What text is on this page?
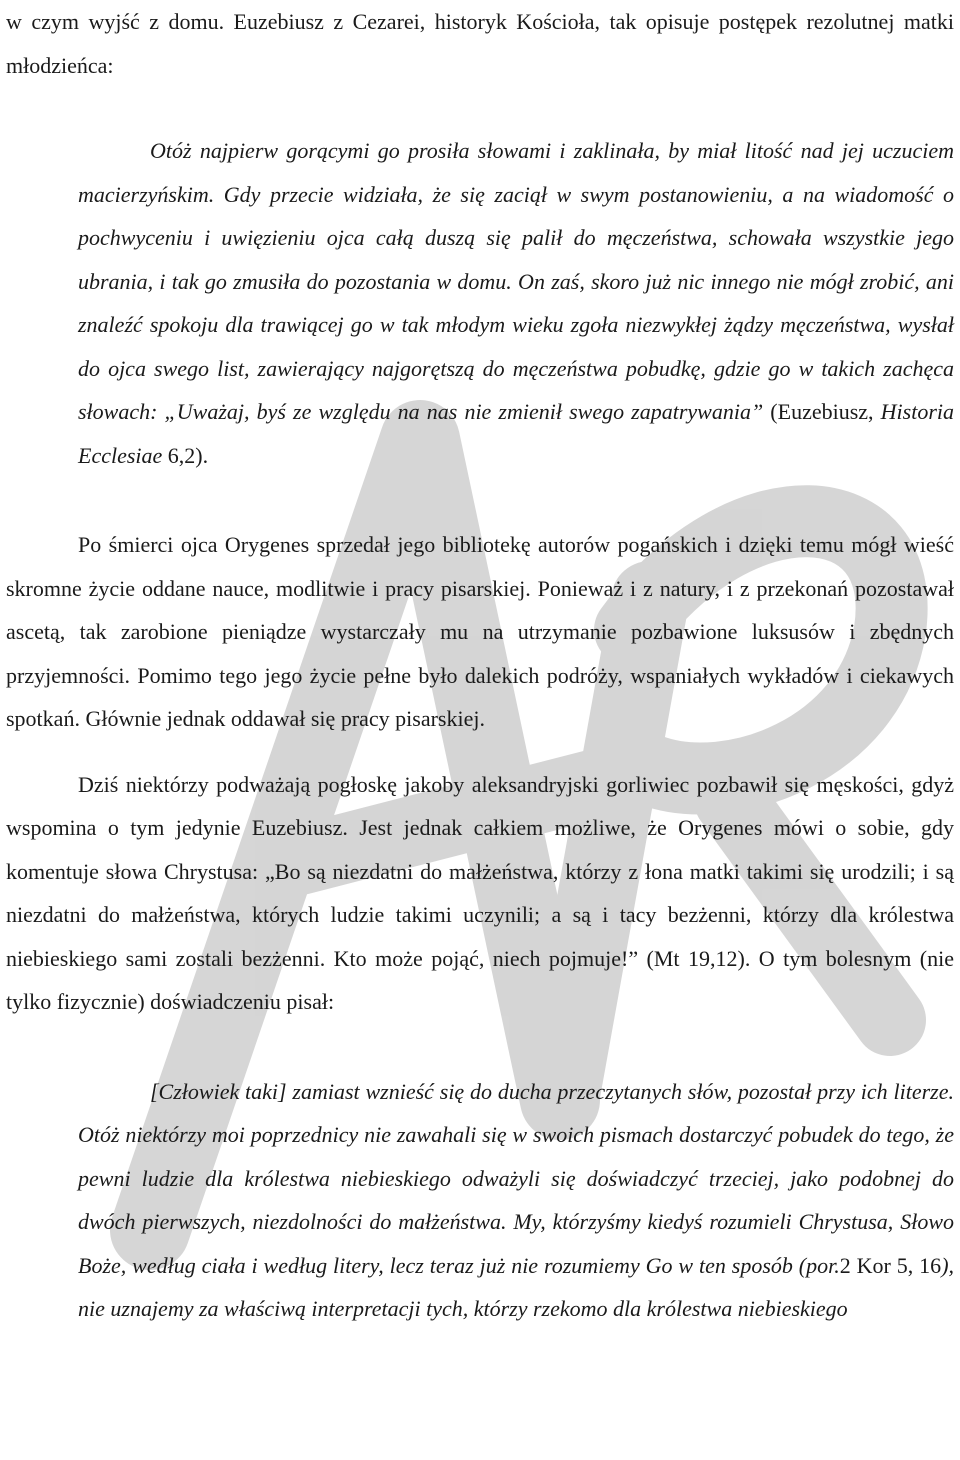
w czym wyjść z domu. Euzebiusz z Cezarei, historyk Kościoła, tak opisuje postępek rezolutnej matki młodzieńca:

Otóż najpierw gorącymi go prosiła słowami i zaklinała, by miał litość nad jej uczuciem macierzyńskim. Gdy przecie widziała, że się zaciął w swym postanowieniu, a na wiadomość o pochwyceniu i uwięzieniu ojca całą duszą się palił do męczeństwa, schowała wszystkie jego ubrania, i tak go zmusiła do pozostania w domu. On zaś, skoro już nic innego nie mógł zrobić, ani znaleźć spokoju dla trawiącej go w tak młodym wieku zgoła niezwykłej żądzy męczeństwa, wysłał do ojca swego list, zawierający najgorętszą do męczeństwa pobudkę, gdzie go w takich zachęca słowach: „Uważaj, byś ze względu na nas nie zmienił swego zapatrywania” (Euzebiusz, Historia Ecclesiae 6,2).

Po śmierci ojca Orygenes sprzedał jego bibliotekę autorów pogańskich i dzięki temu mógł wieść skromne życie oddane nauce, modlitwie i pracy pisarskiej. Ponieważ i z natury, i z przekonań pozostawał ascetą, tak zarobione pieniądze wystarczały mu na utrzymanie pozbawione luksusów i zbędnych przyjemności. Pomimo tego jego życie pełne było dalekich podróży, wspaniałych wykładów i ciekawych spotkań. Głównie jednak oddawał się pracy pisarskiej.

Dziś niektórzy podważają pogłoskę jakoby aleksandryjski gorliwiec pozbawił się męskości, gdyż wspomina o tym jedynie Euzebiusz. Jest jednak całkiem możliwe, że Orygenes mówi o sobie, gdy komentuje słowa Chrystusa: „Bo są niezdatni do małżeństwa, którzy z łona matki takimi się urodzili; i są niezdatni do małżeństwa, których ludzie takimi uczynili; a są i tacy bezżenni, którzy dla królestwa niebieskiego sami zostali bezżenni. Kto może pojąć, niech pojmuje!” (Mt 19,12). O tym bolesnym (nie tylko fizycznie) doświadczeniu pisał:

[Człowiek taki] zamiast wznieść się do ducha przeczytanych słów, pozostał przy ich literze. Otóż niektórzy moi poprzednicy nie zawahali się w swoich pismach dostarczyć pobudek do tego, że pewni ludzie dla królestwa niebieskiego odważyli się doświadczyć trzeciej, jako podobnej do dwóch pierwszych, niezdolności do małżeństwa. My, którzyśmy kiedyś rozumieli Chrystusa, Słowo Boże, według ciała i według litery, lecz teraz już nie rozumiemy Go w ten sposób (por.2 Kor 5, 16), nie uznajemy za właściwą interpretacji tych, którzy rzekomo dla królestwa niebieskiego
